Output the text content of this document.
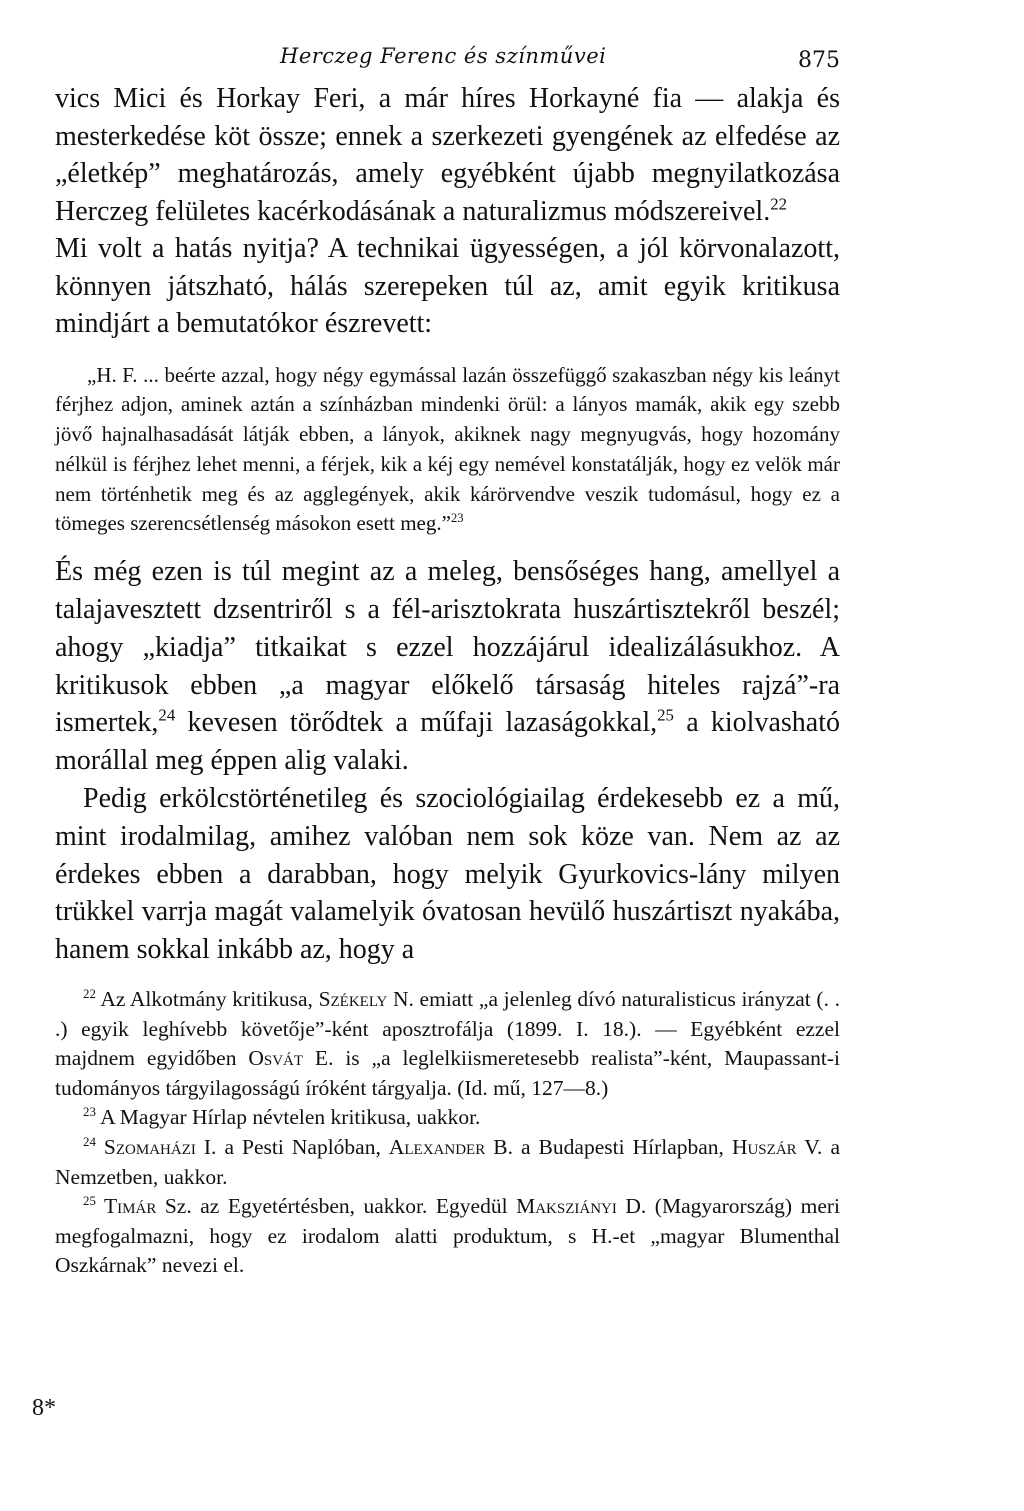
Herczeg Ferenc és színművei	875

vics Mici és Horkay Feri, a már híres Horkayné fia — alakja és mesterkedése köt össze; ennek a szerkezeti gyengének az elfedése az „életkép” meghatározás, amely egyébként újabb megnyilatkozása Herczeg felületes kacérkodásának a naturalizmus módszereivel.$^{22}$

Mi volt a hatás nyitja? A technikai ügyességen, a jól körvonalazott, könnyen játszható, hálás szerepeken túl az, amit egyik kritikusa mindjárt a bemutatókor észrevett:

„H. F. ... beérte azzal, hogy négy egymással lazán összefüggő szakaszban négy kis leányt férjhez adjon, aminek aztán a színházban mindenki örül: a lányos mamák, akik egy szebb jövő hajnalhasadását látják ebben, a lányok, akiknek nagy megnyugvás, hogy hozomány nélkül is férjhez lehet menni, a férjek, kik a kéj egy nemével konstatálják, hogy ez velök már nem történhetik meg és az agglegények, akik kárörvendve veszik tudomásul, hogy ez a tömeges szerencsétlenség másokon esett meg.”$^{23}$

És még ezen is túl megint az a meleg, bensőséges hang, amellyel a talajavesztett dzsentriről s a fél-arisztokrata huszártisztekről beszél; ahogy „kiadja” titkaikat s ezzel hozzájárul idealizálásukhoz. A kritikusok ebben „a magyar előkelő társaság hiteles rajzá”-ra ismertek,$^{24}$ kevesen törődtek a műfaji lazaságokkal,$^{25}$ a kiolvasható morállal meg éppen alig valaki.

Pedig erkölcstörténetileg és szociológiailag érdekesebb ez a mű, mint irodalmilag, amihez valóban nem sok köze van. Nem az az érdekes ebben a darabban, hogy melyik Gyurkovics-lány milyen trükkel varrja magát valamelyik óvatosan hevülő huszártiszt nyakába, hanem sokkal inkább az, hogy a

$^{22}$ Az Alkotmány kritikusa, Székely N. emiatt „a jelenleg dívó naturalisticus irányzat (. . .) egyik leghívebb követője”-ként aposztrofálja (1899. I. 18.). — Egyébként ezzel majdnem egyidőben Osvát E. is „a leglelkiismeretesebb realista”-ként, Maupassant-i tudományos tárgyilagosságú íróként tárgyalja. (Id. mű, 127—8.)

$^{23}$ A Magyar Hírlap névtelen kritikusa, uakkor.

$^{24}$ Szomaházi I. a Pesti Naplóban, Alexander B. a Budapesti Hírlapban, Huszár V. a Nemzetben, uakkor.

$^{25}$ Timár Sz. az Egyetértésben, uakkor. Egyedül Maksziányi D. (Magyarország) meri megfogalmazni, hogy ez irodalom alatti produktum, s H.-et „magyar Blumenthal Oszkárnak” nevezi el.

8*
